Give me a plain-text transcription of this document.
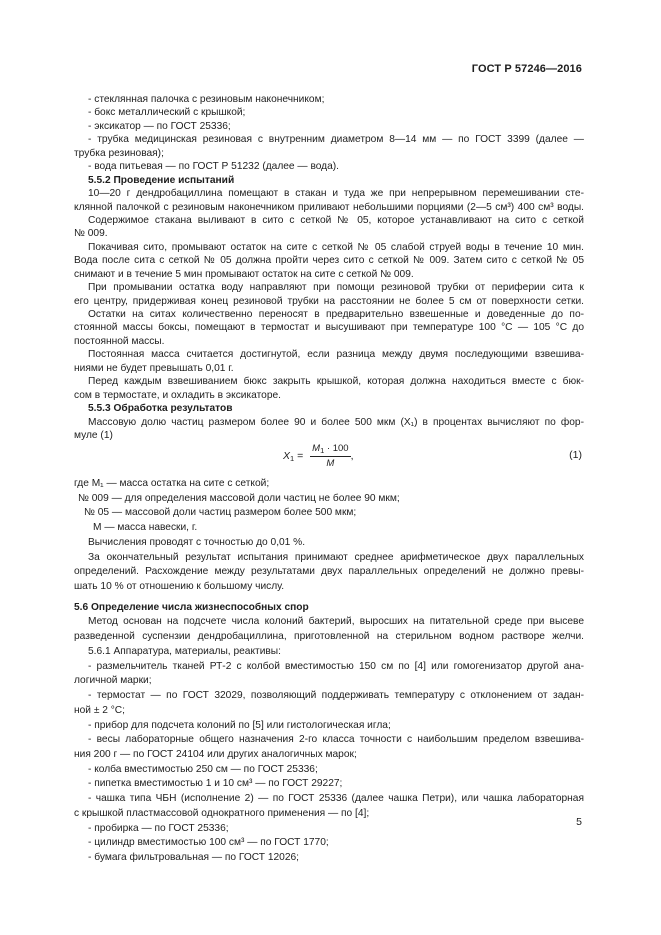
ГОСТ Р 57246—2016
$X_1 = \frac{M_1 \cdot 100}{M}$ ,	(1)
5
- стеклянная палочка с резиновым наконечником;
- бокс металлический с крышкой;
- эксикатор — по ГОСТ 25336;
- трубка медицинская резиновая с внутренним диаметром 8—14 мм — по ГОСТ 3399 (далее —
трубка резиновая);
- вода питьевая — по ГОСТ Р 51232 (далее — вода).
5.5.2 Проведение испытаний
10—20 г дендробациллина помещают в стакан и туда же при непрерывном перемешивании сте-
клянной палочкой с резиновым наконечником приливают небольшими порциями (2—5 см³) 400 см³ воды.
Содержимое стакана выливают в сито с сеткой № 05, которое устанавливают на сито с сеткой
№ 009.
Покачивая сито, промывают остаток на сите с сеткой № 05 слабой струей воды в течение 10 мин.
Вода после сита с сеткой № 05 должна пройти через сито с сеткой № 009. Затем сито с сеткой № 05
снимают и в течение 5 мин промывают остаток на сите с сеткой № 009.
При промывании остатка воду направляют при помощи резиновой трубки от периферии сита к
его центру, придерживая конец резиновой трубки на расстоянии не более 5 см от поверхности сетки.
Остатки на ситах количественно переносят в предварительно взвешенные и доведенные до по-
стоянной массы боксы, помещают в термостат и высушивают при температуре 100 °С — 105 °С до
постоянной массы.
Постоянная масса считается достигнутой, если разница между двумя последующими взвешива-
ниями не будет превышать 0,01 г.
Перед каждым взвешиванием бюкс закрыть крышкой, которая должна находиться вместе с бюк-
сом в термостате, и охладить в эксикаторе.
5.5.3 Обработка результатов
Массовую долю частиц размером более 90 и более 500 мкм (X₁) в процентах вычисляют по фор-
муле (1)
где M₁ — масса остатка на сите с сеткой;
№ 009 — для определения массовой доли частиц не более 90 мкм;
№ 05 — массовой доли частиц размером более 500 мкм;
M — масса навески, г.
Вычисления проводят с точностью до 0,01 %.
За окончательный результат испытания принимают среднее арифметическое двух параллельных
определений. Расхождение между результатами двух параллельных определений не должно превы-
шать 10 % от отношению к большому числу.
5.6 Определение числа жизнеспособных спор
Метод основан на подсчете числа колоний бактерий, выросших на питательной среде при высеве
разведенной суспензии дендробациллина, приготовленной на стерильном водном растворе желчи.
5.6.1 Аппаратура, материалы, реактивы:
- размельчитель тканей РТ-2 с колбой вместимостью 150 см по [4] или гомогенизатор другой ана-
логичной марки;
- термостат — по ГОСТ 32029, позволяющий поддерживать температуру с отклонением от задан-
ной ± 2 °С;
- прибор для подсчета колоний по [5] или гистологическая игла;
- весы лабораторные общего назначения 2-го класса точности с наибольшим пределом взвешива-
ния 200 г — по ГОСТ 24104 или других аналогичных марок;
- колба вместимостью 250 см — по ГОСТ 25336;
- пипетка вместимостью 1 и 10 см³ — по ГОСТ 29227;
- чашка типа ЧБН (исполнение 2) — по ГОСТ 25336 (далее чашка Петри), или чашка лабораторная
с крышкой пластмассовой однократного применения — по [4];
- пробирка — по ГОСТ 25336;
- цилиндр вместимостью 100 см³ — по ГОСТ 1770;
- бумага фильтровальная — по ГОСТ 12026;
